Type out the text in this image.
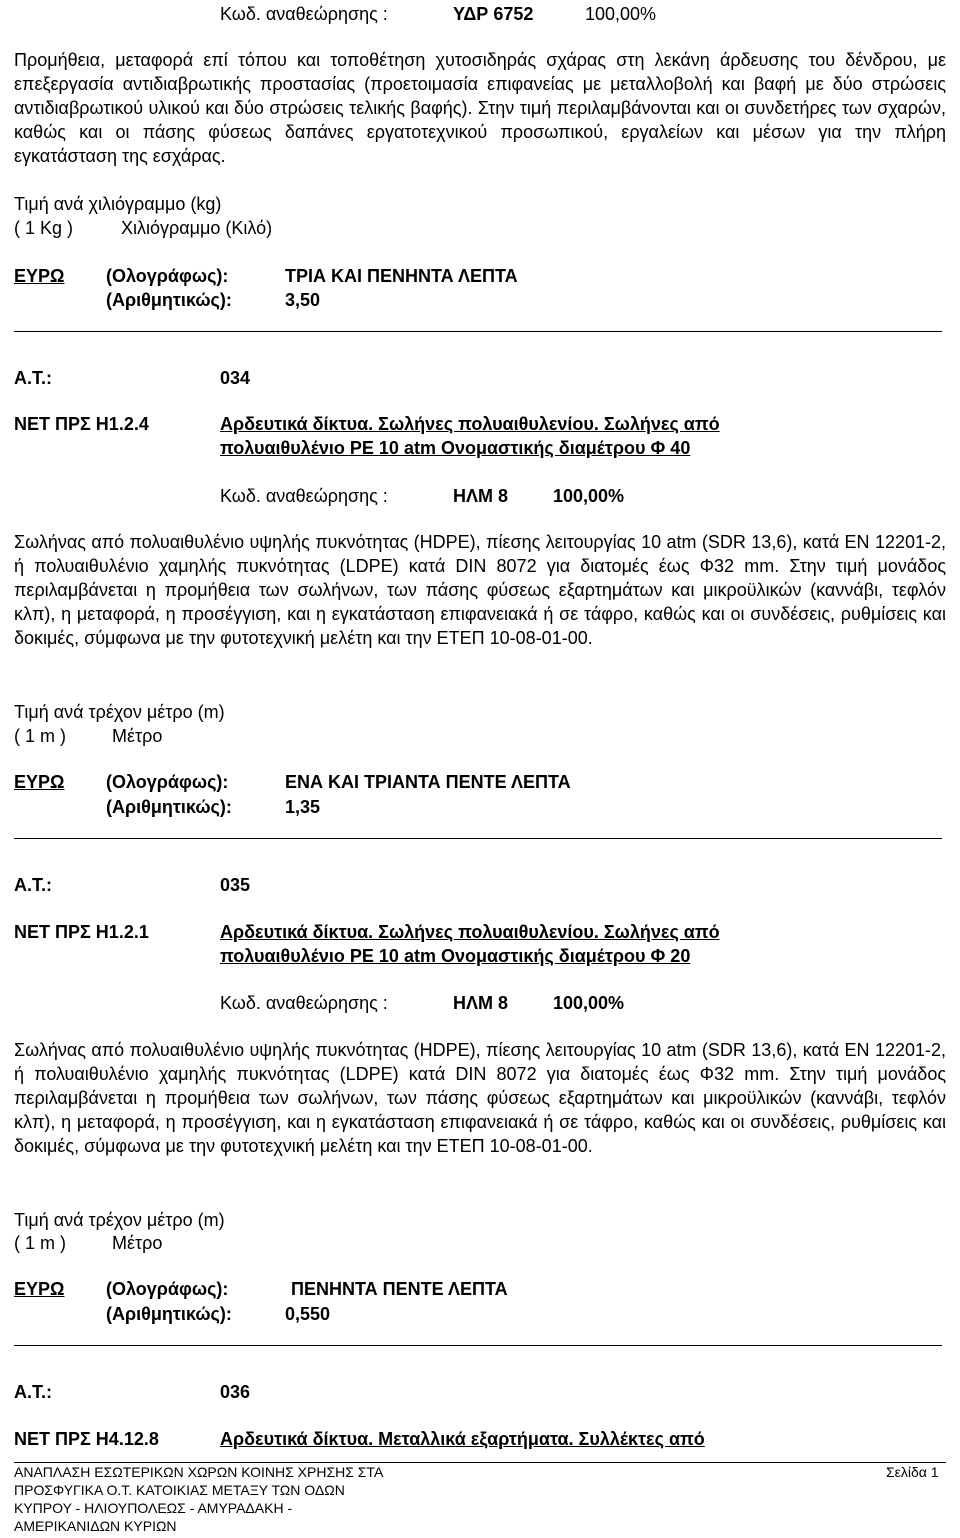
Κωδ. αναθεώρησης :	ΥΔΡ 6752	100,00%
Προμήθεια, μεταφορά επί τόπου και τοποθέτηση χυτοσιδηράς σχάρας στη λεκάνη άρδευσης του δένδρου, με επεξεργασία αντιδιαβρωτικής προστασίας (προετοιμασία επιφανείας με μεταλλοβολή και βαφή με δύο στρώσεις αντιδιαβρωτικού υλικού και δύο στρώσεις τελικής βαφής). Στην τιμή περιλαμβάνονται και οι συνδετήρες των σχαρών, καθώς και οι πάσης φύσεως δαπάνες εργατοτεχνικού προσωπικού, εργαλείων και μέσων για την πλήρη εγκατάσταση της εσχάρας.
Τιμή ανά χιλιόγραμμο (kg)
( 1 Kg )	Χιλιόγραμμο (Κιλό)
ΕΥΡΩ (Ολογράφως):	ΤΡΙΑ ΚΑΙ ΠΕΝΗΝΤΑ ΛΕΠΤΑ
(Αριθμητικώς):	3,50
Α.Τ.:	034
ΝΕΤ ΠΡΣ Η1.2.4	Αρδευτικά δίκτυα. Σωλήνες πολυαιθυλενίου. Σωλήνες από
πολυαιθυλένιο PE 10 atm Ονομαστικής διαμέτρου Φ 40
Κωδ. αναθεώρησης :	ΗΛΜ 8 100,00%
Σωλήνας από πολυαιθυλένιο υψηλής πυκνότητας (HDPE), πίεσης λειτουργίας 10 atm (SDR 13,6), κατά EN 12201-2, ή πολυαιθυλένιο χαμηλής πυκνότητας (LDPE) κατά DIN 8072 για διατομές έως Φ32 mm. Στην τιμή μονάδος περιλαμβάνεται η προμήθεια των σωλήνων, των πάσης φύσεως εξαρτημάτων και μικροϋλικών (καννάβι, τεφλόν κλπ), η μεταφορά, η προσέγγιση, και η εγκατάσταση επιφανειακά ή σε τάφρο, καθώς και οι συνδέσεις, ρυθμίσεις και δοκιμές, σύμφωνα με την φυτοτεχνική μελέτη και την ΕΤΕΠ 10-08-01-00.
Τιμή ανά τρέχον μέτρο (m)
( 1 m )	Μέτρο
ΕΥΡΩ (Ολογράφως):	ΕΝΑ ΚΑΙ ΤΡΙΑΝΤΑ ΠΕΝΤΕ ΛΕΠΤΑ
(Αριθμητικώς):	1,35
Α.Τ.:	035
ΝΕΤ ΠΡΣ Η1.2.1	Αρδευτικά δίκτυα. Σωλήνες πολυαιθυλενίου. Σωλήνες από
πολυαιθυλένιο PE 10 atm Ονομαστικής διαμέτρου Φ 20
Κωδ. αναθεώρησης :	ΗΛΜ 8 100,00%
Σωλήνας από πολυαιθυλένιο υψηλής πυκνότητας (HDPE), πίεσης λειτουργίας 10 atm (SDR 13,6), κατά EN 12201-2, ή πολυαιθυλένιο χαμηλής πυκνότητας (LDPE) κατά DIN 8072 για διατομές έως Φ32 mm. Στην τιμή μονάδος περιλαμβάνεται η προμήθεια των σωλήνων, των πάσης φύσεως εξαρτημάτων και μικροϋλικών (καννάβι, τεφλόν κλπ), η μεταφορά, η προσέγγιση, και η εγκατάσταση επιφανειακά ή σε τάφρο, καθώς και οι συνδέσεις, ρυθμίσεις και δοκιμές, σύμφωνα με την φυτοτεχνική μελέτη και την ΕΤΕΠ 10-08-01-00.
Τιμή ανά τρέχον μέτρο (m)
( 1 m )	Μέτρο
ΕΥΡΩ (Ολογράφως):	ΠΕΝΗΝΤΑ ΠΕΝΤΕ ΛΕΠΤΑ
(Αριθμητικώς):	0,550
Α.Τ.:	036
ΝΕΤ ΠΡΣ Η4.12.8	Αρδευτικά δίκτυα. Μεταλλικά εξαρτήματα. Συλλέκτες από
ΑΝΑΠΛΑΣΗ ΕΣΩΤΕΡΙΚΩΝ ΧΩΡΩΝ ΚΟΙΝΗΣ ΧΡΗΣΗΣ ΣΤΑ
ΠΡΟΣΦΥΓΙΚΑ Ο.Τ. ΚΑΤΟΙΚΙΑΣ ΜΕΤΑΞΥ ΤΩΝ ΟΔΩΝ
ΚΥΠΡΟΥ - ΗΛΙΟΥΠΟΛΕΩΣ - ΑΜΥΡΑΔΑΚΗ -
ΑΜΕΡΙΚΑΝΙΔΩΝ ΚΥΡΙΩΝ
Σελίδα 1
